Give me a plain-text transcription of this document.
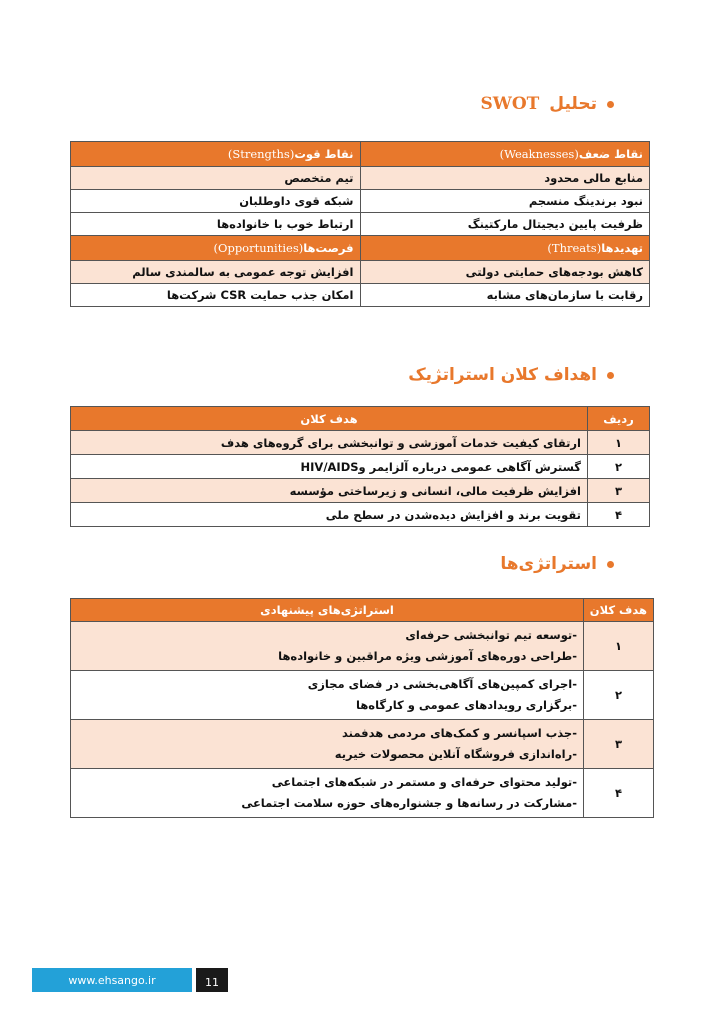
تحلیل
SWOT
نقاط ضعف(Weaknesses)	نقاط قوت(Strengths)
منابع مالی محدود	تیم متخصص
نبود برندینگ منسجم	شبکه قوی داوطلبان
ظرفیت پایین دیجیتال مارکتینگ	ارتباط خوب با خانواده‌ها
تهدیدها(Threats)	فرصت‌ها(Opportunities)
کاهش بودجه‌های حمایتی دولتی	افزایش توجه عمومی به سالمندی سالم
رقابت با سازمان‌های مشابه	امکان جذب حمایت CSR شرکت‌ها
اهداف کلان استراتژیک
ردیف	هدف کلان
۱	ارتقای کیفیت خدمات آموزشی و توانبخشی برای گروه‌های هدف
۲	گسترش آگاهی عمومی درباره آلزایمر وHIV/AIDS
۳	افزایش ظرفیت مالی، انسانی و زیرساختی مؤسسه
۴	تقویت برند و افزایش دیده‌شدن در سطح ملی
استراتژی‌ها
هدف کلان	استراتژی‌های پیشنهادی
۱	-توسعه تیم توانبخشی حرفه‌ای
-طراحی دوره‌های آموزشی ویژه مراقبین و خانواده‌ها

۲	-اجرای کمپین‌های آگاهی‌بخشی در فضای مجازی
-برگزاری رویدادهای عمومی و کارگاه‌ها

۳	-جذب اسپانسر و کمک‌های مردمی هدفمند
-راه‌اندازی فروشگاه آنلاین محصولات خیریه

۴	-تولید محتوای حرفه‌ای و مستمر در شبکه‌های اجتماعی
-مشارکت در رسانه‌ها و جشنواره‌های حوزه سلامت اجتماعی
www.ehsango.ir	11
